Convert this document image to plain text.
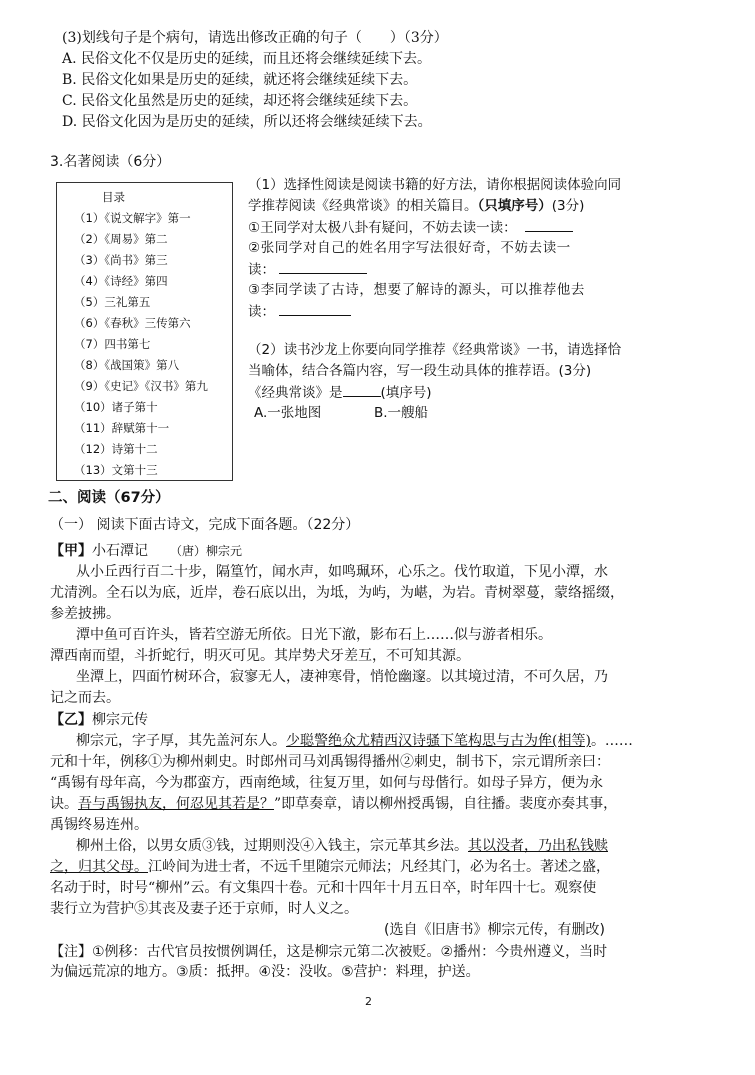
(3)划线句子是个病句，请选出修改正确的句子（　　）（3分）
A. 民俗文化不仅是历史的延续，而且还将会继续延续下去。
B. 民俗文化如果是历史的延续，就还将会继续延续下去。
C. 民俗文化虽然是历史的延续，却还将会继续延续下去。
D. 民俗文化因为是历史的延续，所以还将会继续延续下去。
3.名著阅读（6分）
目录
（1）《说文解字》第一
（2）《周易》第二
（3）《尚书》第三
（4）《诗经》第四
（5）三礼第五
（6）《春秋》三传第六
（7）四书第七
（8）《战国策》第八
（9）《史记》《汉书》第九
（10）诸子第十
（11）辞赋第十一
（12）诗第十二
（13）文第十三
（1）选择性阅读是阅读书籍的好方法，请你根据阅读体验向同
学推荐阅读《经典常谈》的相关篇目。（只填序号）(3分)
①王同学对太极八卦有疑问，不妨去读一读：
②张同学对自己的姓名用字写法很好奇，不妨去读一
读：
③李同学读了古诗，想要了解诗的源头，可以推荐他去
读：
（2）读书沙龙上你要向同学推荐《经典常谈》一书，请选择恰
当喻体，结合各篇内容，写一段生动具体的推荐语。(3分)
《经典常谈》是	(填序号)
A.一张地图	B.一艘船
二、阅读（67分）
（一） 阅读下面古诗文，完成下面各题。（22分）
【甲】小石潭记 （唐）柳宗元
从小丘西行百二十步，隔篁竹，闻水声，如鸣珮环，心乐之。伐竹取道，下见小潭，水
尤清洌。全石以为底，近岸，卷石底以出，为坻，为屿，为嵁，为岩。青树翠蔓，蒙络摇缀，
参差披拂。
潭中鱼可百许头，皆若空游无所依。日光下澈，影布石上……似与游者相乐。
潭西南而望，斗折蛇行，明灭可见。其岸势犬牙差互，不可知其源。
坐潭上，四面竹树环合，寂寥无人，凄神寒骨，悄怆幽邃。以其境过清，不可久居，乃
记之而去。
【乙】柳宗元传
柳宗元，字子厚，其先盖河东人。少聪警绝众尤精西汉诗骚下笔构思与古为侔(相等)。……
元和十年，例移①为柳州刺史。时郎州司马刘禹锡得播州②刺史，制书下，宗元谓所亲曰：
“禹锡有母年高，今为郡蛮方，西南绝域，往复万里，如何与母偕行。如母子异方，便为永
诀。吾与禹锡执友，何忍见其若是？”即草奏章，请以柳州授禹锡，自往播。裴度亦奏其事，
禹锡终易连州。
柳州土俗，以男女质③钱，过期则没④入钱主，宗元革其乡法。其以没者，乃出私钱赎
之，归其父母。江岭间为进士者，不远千里随宗元师法；凡经其门，必为名士。著述之盛，
名动于时，时号“柳州”云。有文集四十卷。元和十四年十月五日卒，时年四十七。观察使
裴行立为营护⑤其丧及妻子还于京师，时人义之。
(选自《旧唐书》柳宗元传，有删改)
【注】①例移：古代官员按惯例调任，这是柳宗元第二次被贬。②播州：今贵州遵义，当时
为偏远荒凉的地方。③质：抵押。④没：没收。⑤营护：料理，护送。
2
